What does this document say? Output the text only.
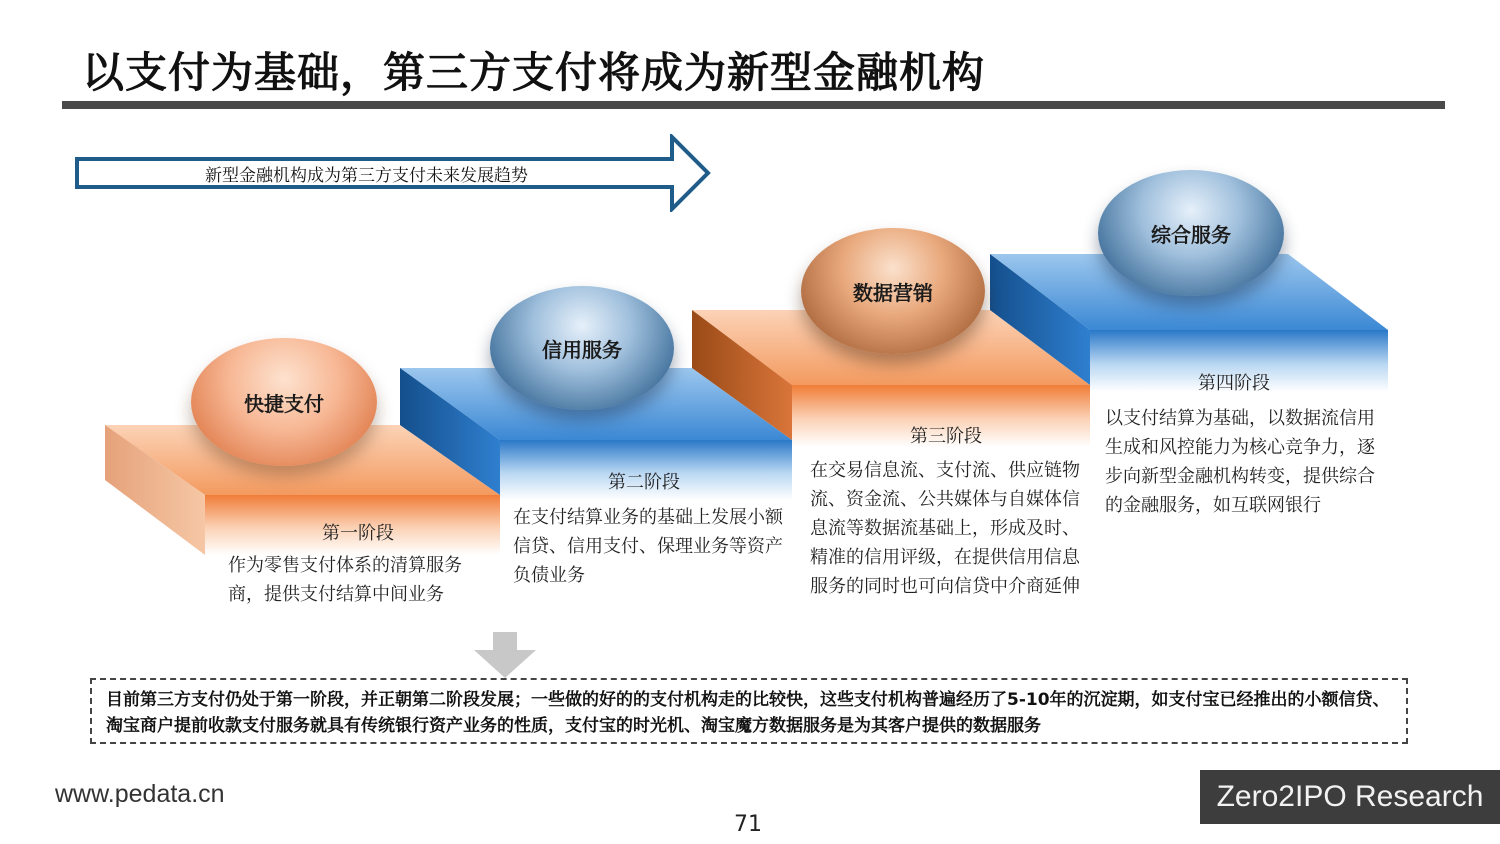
以支付为基础，第三方支付将成为新型金融机构
新型金融机构成为第三方支付未来发展趋势
快捷支付
信用服务
数据营销
综合服务
第一阶段
作为零售支付体系的清算服务商，提供支付结算中间业务
第二阶段
在支付结算业务的基础上发展小额信贷、信用支付、保理业务等资产负债业务
第三阶段
在交易信息流、支付流、供应链物流、资金流、公共媒体与自媒体信息流等数据流基础上，形成及时、精准的信用评级，在提供信用信息服务的同时也可向信贷中介商延伸
第四阶段
以支付结算为基础，以数据流信用生成和风控能力为核心竞争力，逐步向新型金融机构转变，提供综合的金融服务，如互联网银行
目前第三方支付仍处于第一阶段，并正朝第二阶段发展；一些做的好的的支付机构走的比较快，这些支付机构普遍经历了5-10年的沉淀期，如支付宝已经推出的小额信贷、淘宝商户提前收款支付服务就具有传统银行资产业务的性质，支付宝的时光机、淘宝魔方数据服务是为其客户提供的数据服务
www.pedata.cn
71
Zero2IPO Research
